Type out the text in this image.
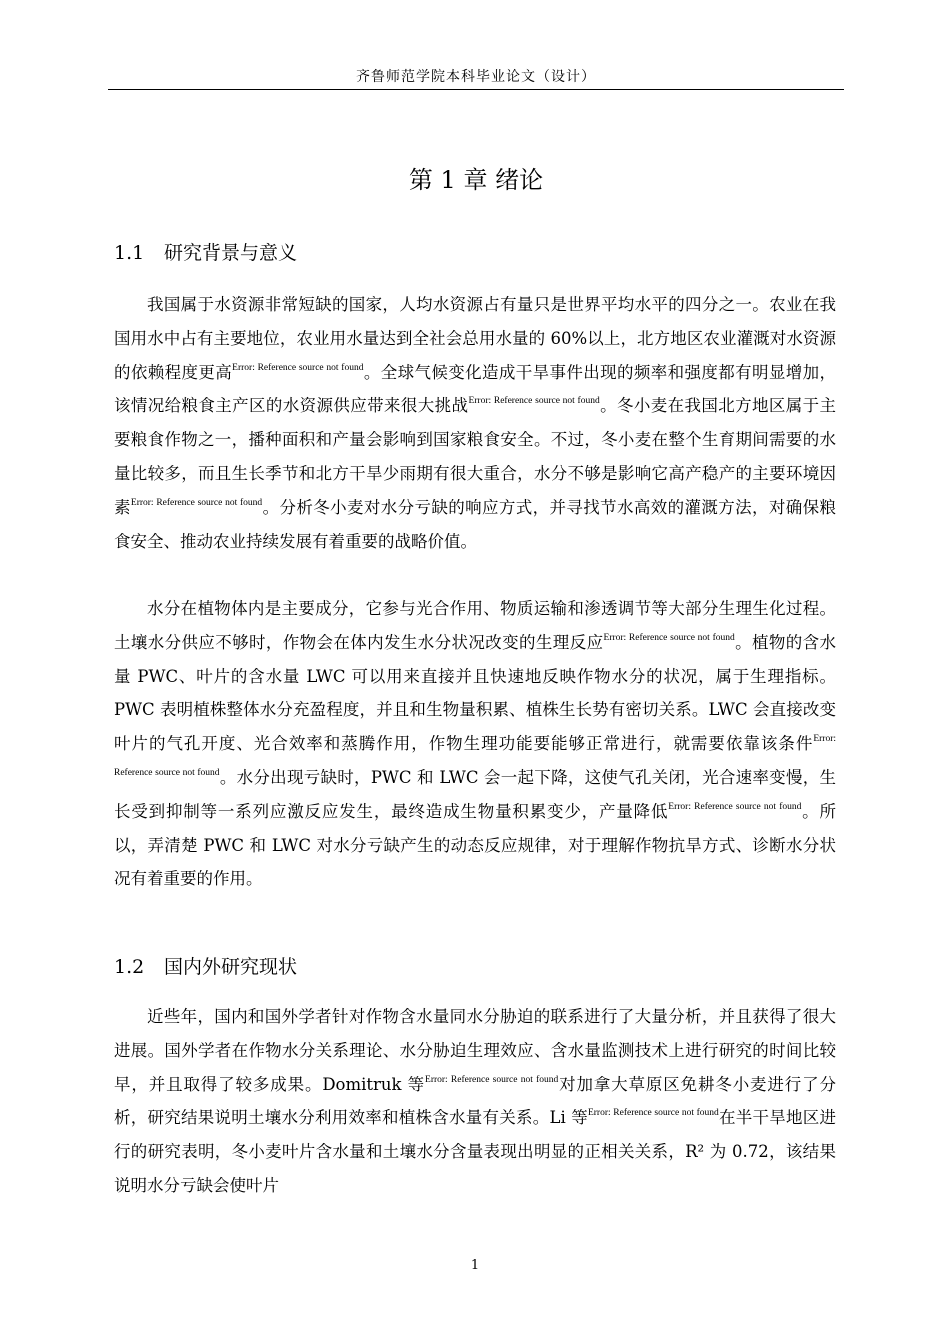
齐鲁师范学院本科毕业论文（设计）
第 1 章 绪论
1.1 研究背景与意义

我国属于水资源非常短缺的国家，人均水资源占有量只是世界平均水平的四分之一。农业在我国用水中占有主要地位，农业用水量达到全社会总用水量的 60%以上，北方地区农业灌溉对水资源的依赖程度更高$^{Error: Reference source not found}$。全球气候变化造成干旱事件出现的频率和强度都有明显增加，该情况给粮食主产区的水资源供应带来很大挑战$^{Error: Reference source not found}$。冬小麦在我国北方地区属于主要粮食作物之一，播种面积和产量会影响到国家粮食安全。不过，冬小麦在整个生育期间需要的水量比较多，而且生长季节和北方干旱少雨期有很大重合，水分不够是影响它高产稳产的主要环境因素$^{Error: Reference source not found}$。分析冬小麦对水分亏缺的响应方式，并寻找节水高效的灌溉方法，对确保粮食安全、推动农业持续发展有着重要的战略价值。

水分在植物体内是主要成分，它参与光合作用、物质运输和渗透调节等大部分生理生化过程。土壤水分供应不够时，作物会在体内发生水分状况改变的生理反应$^{Error: Reference source not found}$。植物的含水量 PWC、叶片的含水量 LWC 可以用来直接并且快速地反映作物水分的状况，属于生理指标。PWC 表明植株整体水分充盈程度，并且和生物量积累、植株生长势有密切关系。LWC 会直接改变叶片的气孔开度、光合效率和蒸腾作用，作物生理功能要能够正常进行，就需要依靠该条件$^{Error: Reference source not found}$。水分出现亏缺时，PWC 和 LWC 会一起下降，这使气孔关闭，光合速率变慢，生长受到抑制等一系列应激反应发生，最终造成生物量积累变少，产量降低$^{Error: Reference source not found}$。所以，弄清楚 PWC 和 LWC 对水分亏缺产生的动态反应规律，对于理解作物抗旱方式、诊断水分状况有着重要的作用。

1.2 国内外研究现状

近些年，国内和国外学者针对作物含水量同水分胁迫的联系进行了大量分析，并且获得了很大进展。国外学者在作物水分关系理论、水分胁迫生理效应、含水量监测技术上进行研究的时间比较早，并且取得了较多成果。Domitruk 等$^{Error: Reference source not found}$对加拿大草原区免耕冬小麦进行了分析，研究结果说明土壤水分利用效率和植株含水量有关系。Li 等$^{Error: Reference source not found}$在半干旱地区进行的研究表明，冬小麦叶片含水量和土壤水分含量表现出明显的正相关关系，R² 为 0.72，该结果说明水分亏缺会使叶片

1
